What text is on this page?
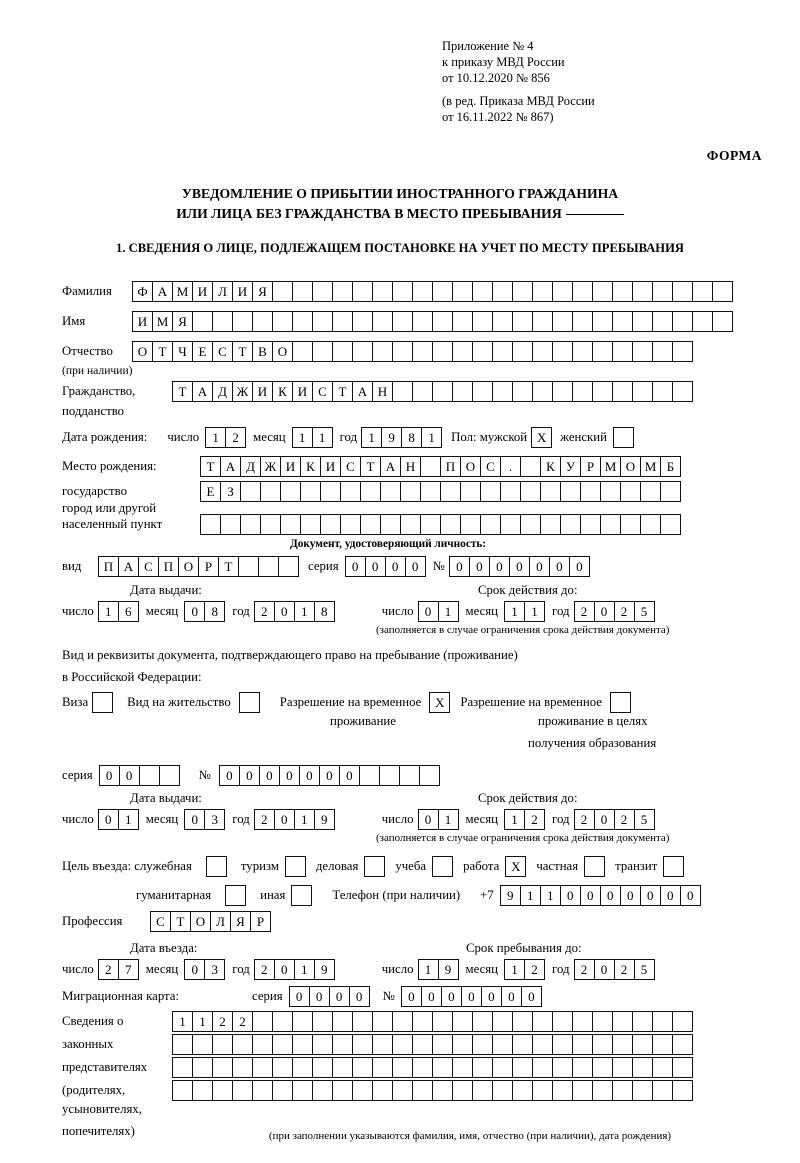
Приложение № 4
к приказу МВД России
от 10.12.2020 № 856
(в ред. Приказа МВД России
от 16.11.2022 № 867)
ФОРМА
УВЕДОМЛЕНИЕ О ПРИБЫТИИ ИНОСТРАННОГО ГРАЖДАНИНА
ИЛИ ЛИЦА БЕЗ ГРАЖДАНСТВА В МЕСТО ПРЕБЫВАНИЯ
1. СВЕДЕНИЯ О ЛИЦЕ, ПОДЛЕЖАЩЕМ ПОСТАНОВКЕ НА УЧЕТ ПО МЕСТУ ПРЕБЫВАНИЯ
Фамилия	Ф А М И Л И Я
Имя	И М Я
Отчество	О Т Ч Е С Т В О
(при наличии)
Гражданство,	Т А Д Ж И К И С Т А Н
подданство
Дата рождения: число	1	2	месяц	1	1	год 1	9	8	1	Пол: мужской X	женский
Место рождения:	Т А Д Ж И К И С Т А Н	П О С	.	К У Р М О М Б
государство	Е З
город или другой
населенный пункт
Документ, удостоверяющий личность:
вид	П А С П О Р Т	серия	0	0	0	0	№ 0	0	0	0	0	0	0
Дата выдачи:	Срок действия до:
число 1	6	месяц	0	8	год 2	0	1	8	число 0	1	месяц	1	1	год 2	0	2	5
(заполняется в случае ограничения срока действия документа)
Вид и реквизиты документа, подтверждающего право на пребывание (проживание)
в Российской Федерации:
Виза	Вид на жительство	Разрешение на временное	X	Разрешение на временное
проживание	проживание в целях
получения образования
серия	0	0	№	0	0	0	0	0	0	0
Дата выдачи:	Срок действия до:
число 0	1	месяц	0	3	год 2	0	1	9	число 0	1	месяц	1	2	год 2	0	2	5
(заполняется в случае ограничения срока действия документа)
Цель въезда: служебная	туризм	деловая	учеба	работа X	частная	транзит
гуманитарная	иная	Телефон (при наличии) +7	9	1	1	0	0	0	0	0	0	0
Профессия	С Т О Л Я Р
Дата въезда:	Срок пребывания до:
число 2	7	месяц	0	3	год 2	0	1	9	число 1	9	месяц	1	2	год 2	0	2	5
Миграционная карта:	серия	0	0	0	0	№	0	0	0	0	0	0	0
Сведения о	1	1	2	2
законных
представителях
(родителях,
усыновителях,
попечителях)	(при заполнении указываются фамилия, имя, отчество (при наличии), дата рождения)
